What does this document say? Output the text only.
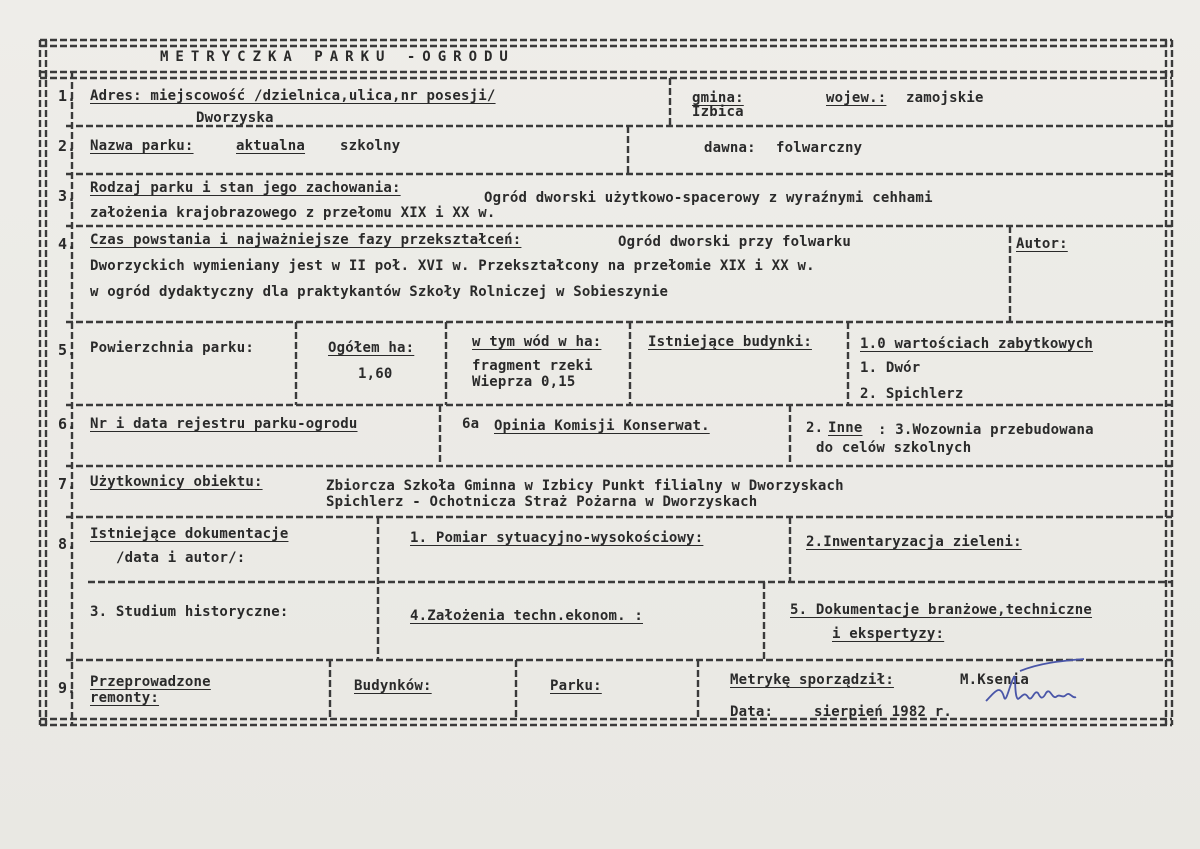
METRYCZKA PARKU -OGRODU
1. Adres: miejscowość /dzielnica,ulica,nr posesji/
Dworzyska
gmina:
Izbica
wojew.: zamojskie
2. Nazwa parku:	aktualna szkolny	dawna: folwarczny
3. Rodzaj parku i stan jego zachowania:
Ogród dworski użytkowo-spacerowy z wyraźnymi cehhami
założenia krajobrazowego z przełomu XIX i XX w.
4. Czas powstania i najważniejsze fazy przekształceń:	Ogród dworski przy folwarku
Dworzyckich wymieniany jest w II poł. XVI w. Przekształcony na przełomie XIX i XX w.
w ogród dydaktyczny dla praktykantów Szkoły Rolniczej w Sobieszynie
Autor:
5. Powierzchnia parku:	Ogółem ha:
1,60
w tym wód w ha:
fragment rzeki
Wieprza 0,15
Istniejące budynki:	1.0 wartościach zabytkowych
1. Dwór
2. Spichlerz
6. Nr i data rejestru parku-ogrodu	6a Opinia Komisji Konserwat.	2. Inne : 3.Wozownia przebudowana
do celów szkolnych
7. Użytkownicy obiektu:	Zbiorcza Szkoła Gminna w Izbicy Punkt filialny w Dworzyskach
Spichlerz - Ochotnicza Straż Pożarna w Dworzyskach
8.
Istniejące dokumentacje
/data i autor/:
1. Pomiar sytuacyjno-wysokościowy:	2.Inwentaryzacja zieleni:
3. Studium historyczne:	4.Założenia techn.ekonom. :	5. Dokumentacje branżowe,techniczne
i ekspertyzy:
9. Przeprowadzone
remonty:
Budynków:	Parku:	Metrykę sporządził:	M.Ksenia
Data:	sierpień 1982 r.
